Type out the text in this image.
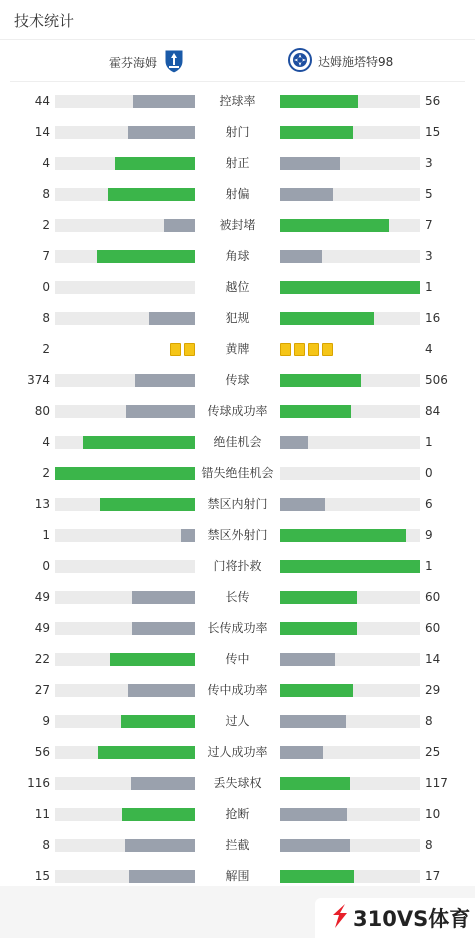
技术统计
霍芬海姆	达姆施塔特98
44	控球率	56
14	射门	15
4	射正	3
8	射偏	5
2	被封堵	7
7	角球	3
0	越位	1
8	犯规	16
2	黄牌	4
374	传球	506
80	传球成功率	84
4	绝佳机会	1
2	错失绝佳机会	0
13	禁区内射门	6
1	禁区外射门	9
0	门将扑救	1
49	长传	60
49	长传成功率	60
22	传中	14
27	传中成功率	29
9	过人	8
56	过人成功率	25
116	丢失球权	117
11	抢断	10
8	拦截	8
15	解围	17
310VS体育
